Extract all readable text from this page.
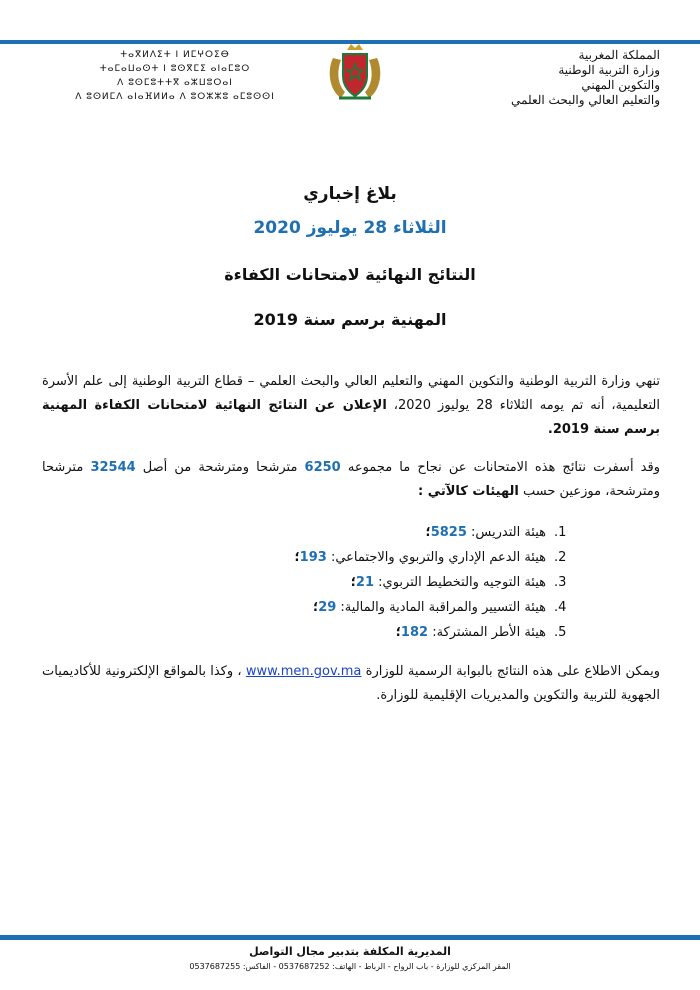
المملكة المغربية
وزارة التربية الوطنية
والتكوين المهني
والتعليم العالي والبحث العلمي
ⵜⴰⴳⵍⴷⵉⵜ ⵏ ⵍⵎⵖⵔⵉⴱ
ⵜⴰⵎⴰⵡⴰⵙⵜ ⵏ ⵓⵙⴳⵎⵉ ⴰⵏⴰⵎⵓⵔ
ⴷ ⵓⵙⵎⵓⵜⵜⴳ ⴰⵣⵡⵓⵔⴰⵏ
ⴷ ⵓⵙⵍⵎⴷ ⴰⵏⴰⴼⵍⵍⴰ ⴷ ⵓⵔⵣⵣⵓ ⴰⵎⵓⵙⵙⵏ
بلاغ إخباري
الثلاثاء 28 يوليوز 2020
النتائج النهائية لامتحانات الكفاءة
المهنية برسم سنة 2019
تنهي وزارة التربية الوطنية والتكوين المهني والتعليم العالي والبحث العلمي – قطاع التربية الوطنية إلى علم الأسرة التعليمية، أنه تم يومه الثلاثاء 28 يوليوز 2020، الإعلان عن النتائج النهائية لامتحانات الكفاءة المهنية برسم سنة 2019.
وقد أسفرت نتائج هذه الامتحانات عن نجاح ما مجموعه 6250 مترشحا ومترشحة من أصل 32544 مترشحا ومترشحة، موزعين حسب الهيئات كالآتي :
1.هيئة التدريس: 5825؛
2.هيئة الدعم الإداري والتربوي والاجتماعي: 193؛
3.هيئة التوجيه والتخطيط التربوي: 21؛
4.هيئة التسيير والمراقبة المادية والمالية: 29؛
5.هيئة الأطر المشتركة: 182؛
ويمكن الاطلاع على هذه النتائج بالبوابة الرسمية للوزارة www.men.gov.ma ، وكذا بالمواقع الإلكترونية للأكاديميات الجهوية للتربية والتكوين والمديريات الإقليمية للوزارة.
المديرية المكلفة بتدبير مجال التواصل
المقر المركزي للوزارة - باب الرواح - الرباط - الهاتف: 0537687252 - الفاكس: 0537687255
